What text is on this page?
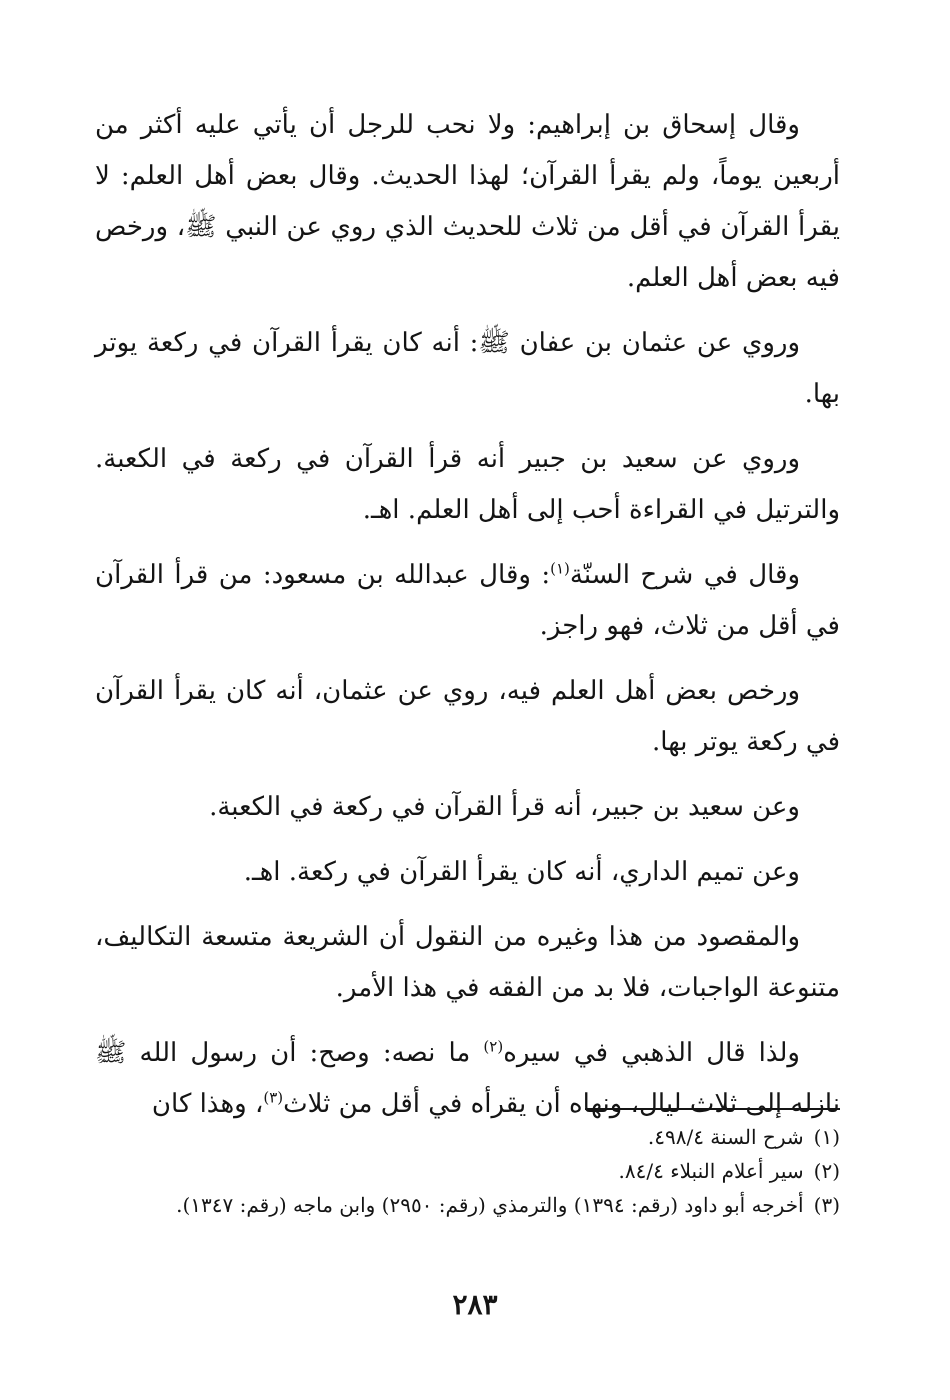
وقال إسحاق بن إبراهيم: ولا نحب للرجل أن يأتي عليه أكثر من أربعين يوماً، ولم يقرأ القرآن؛ لهذا الحديث. وقال بعض أهل العلم: لا يقرأ القرآن في أقل من ثلاث للحديث الذي روي عن النبي ﷺ، ورخص فيه بعض أهل العلم.

وروي عن عثمان بن عفان ﷺ: أنه كان يقرأ القرآن في ركعة يوتر بها.

وروي عن سعيد بن جبير أنه قرأ القرآن في ركعة في الكعبة. والترتيل في القراءة أحب إلى أهل العلم. اهـ.

وقال في شرح السنّة$^{(١)}$: وقال عبدالله بن مسعود: من قرأ القرآن في أقل من ثلاث، فهو راجز.

ورخص بعض أهل العلم فيه، روي عن عثمان، أنه كان يقرأ القرآن في ركعة يوتر بها.

وعن سعيد بن جبير، أنه قرأ القرآن في ركعة في الكعبة.

وعن تميم الداري، أنه كان يقرأ القرآن في ركعة. اهـ.

والمقصود من هذا وغيره من النقول أن الشريعة متسعة التكاليف، متنوعة الواجبات، فلا بد من الفقه في هذا الأمر.

ولذا قال الذهبي في سيره$^{(٢)}$ ما نصه: وصح: أن رسول الله ﷺ نازله إلى ثلاث ليال، ونهاه أن يقرأه في أقل من ثلاث$^{(٣)}$، وهذا كان

(١)شرح السنة ٤٩٨/٤.

(٢)سير أعلام النبلاء ٨٤/٤.

(٣)أخرجه أبو داود (رقم: ١٣٩٤) والترمذي (رقم: ٢٩٥٠) وابن ماجه (رقم: ١٣٤٧).

٢٨٣
